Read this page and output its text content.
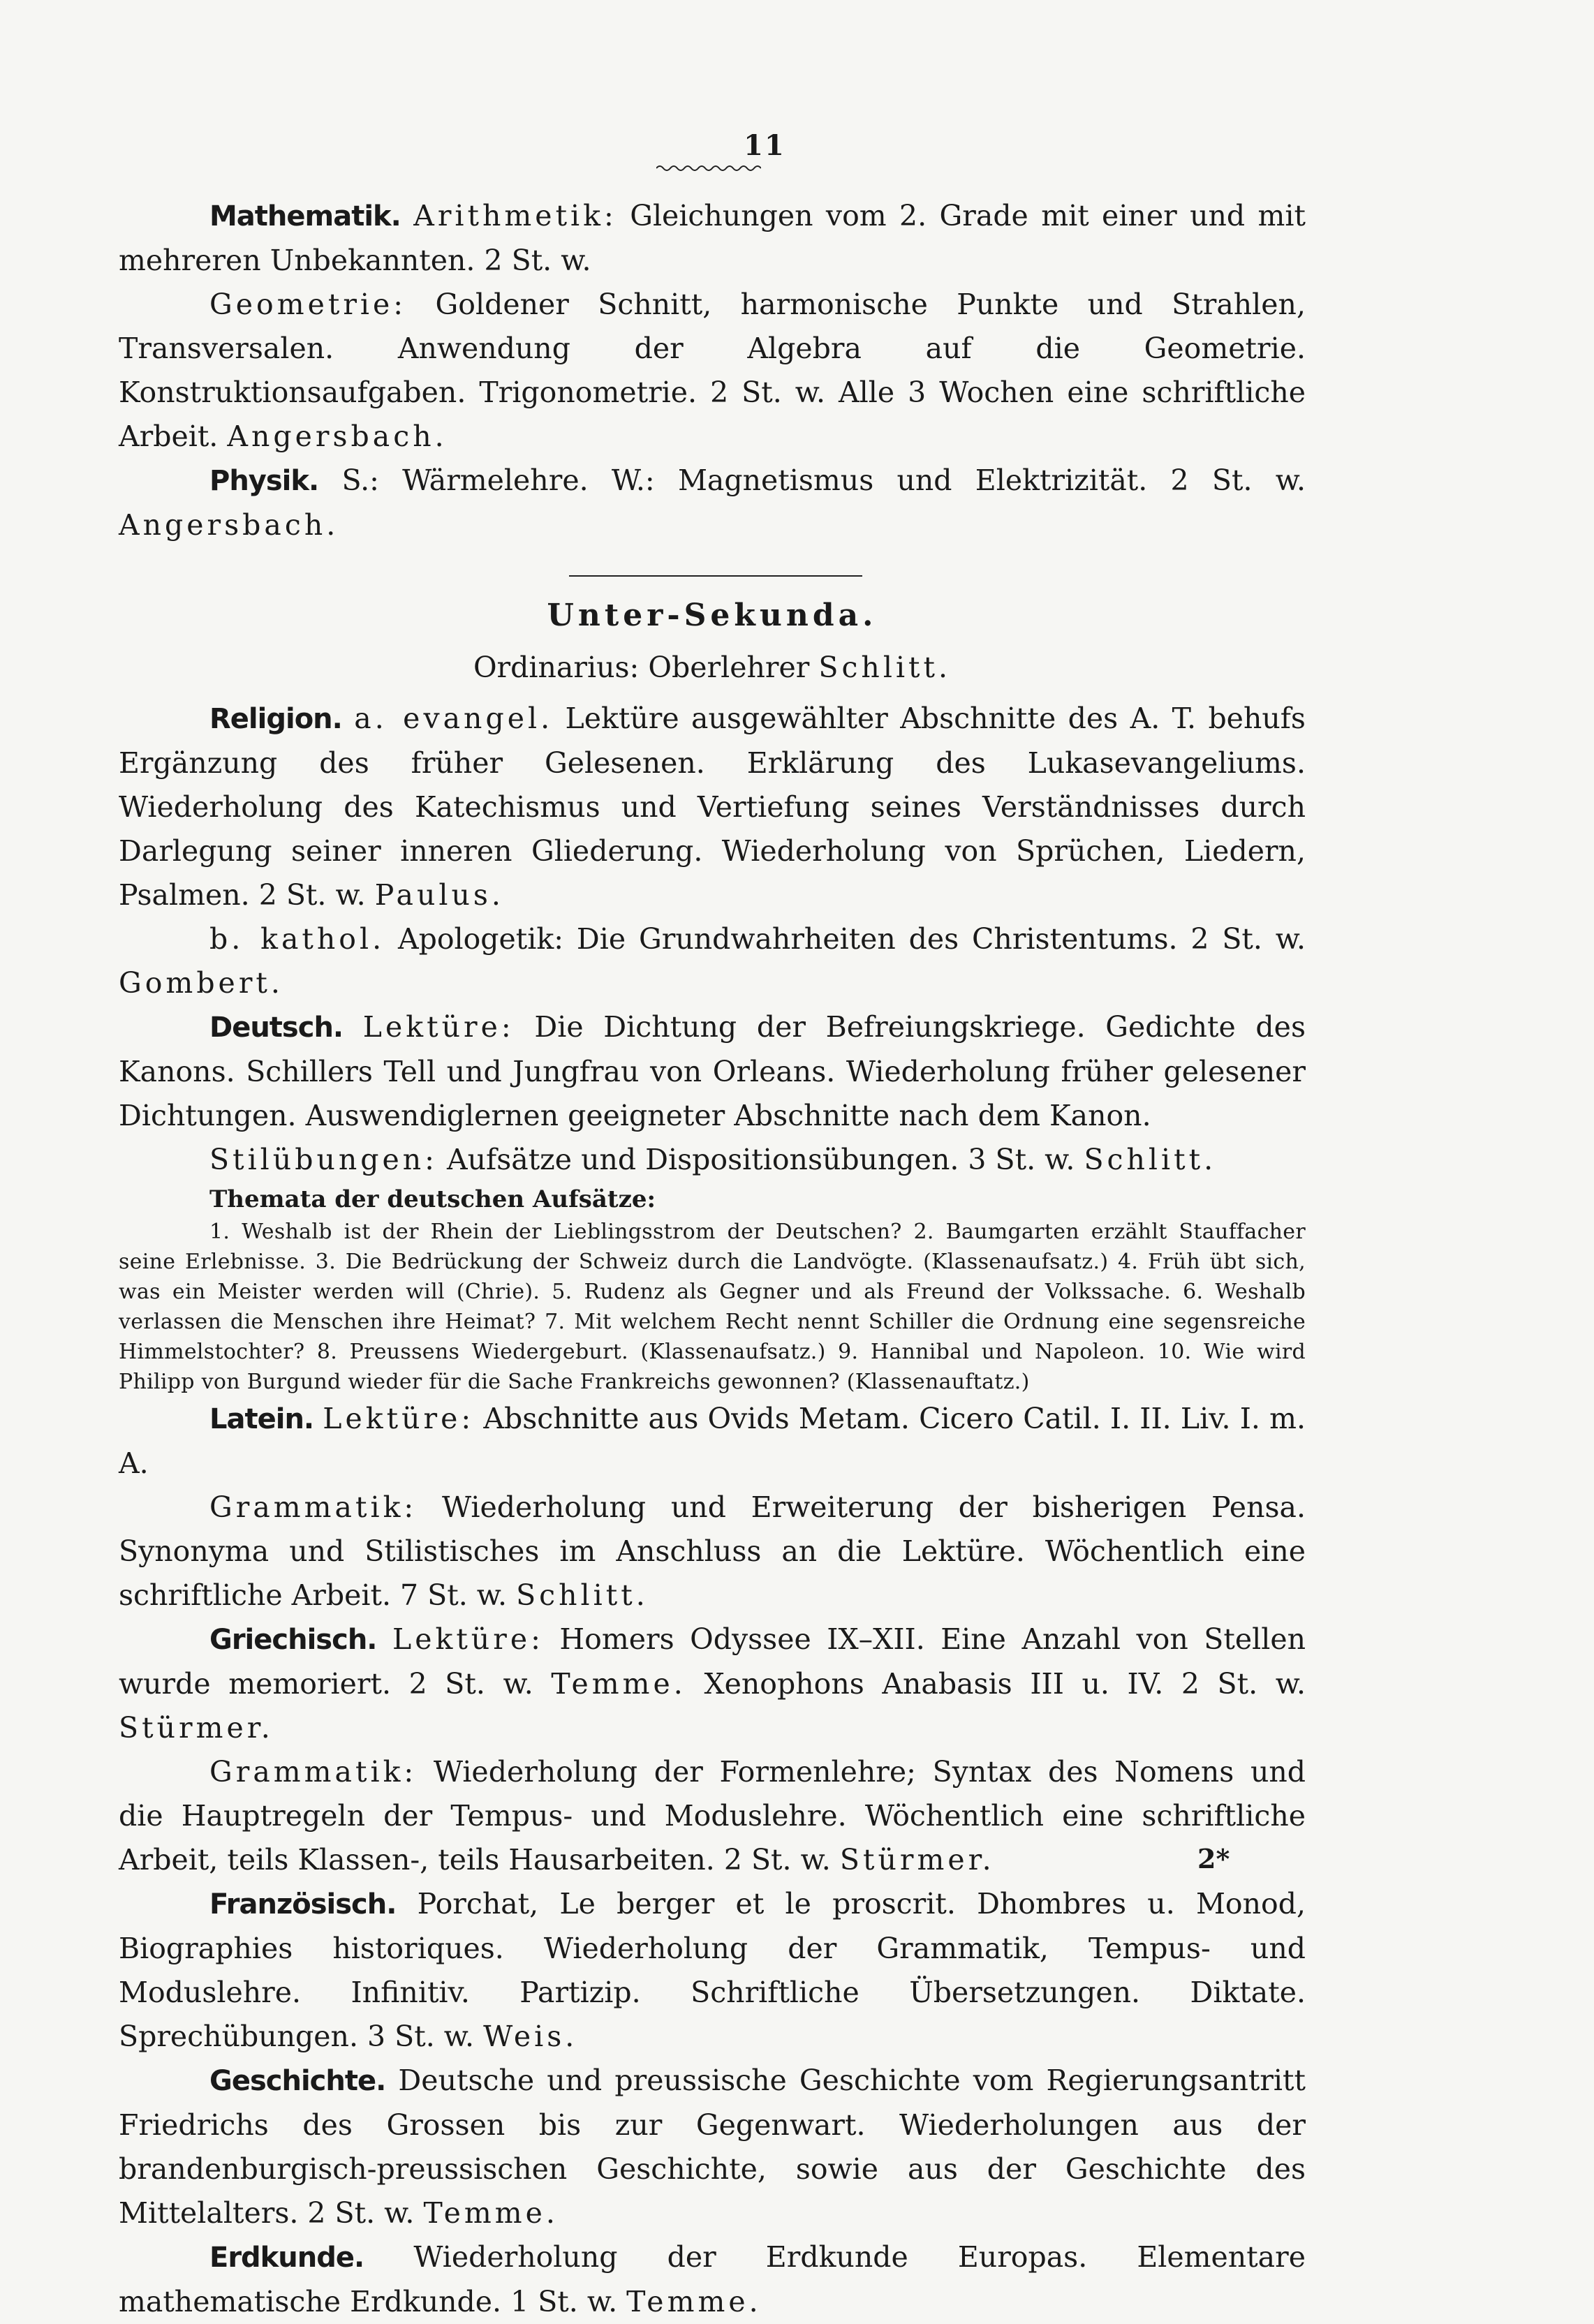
11

Mathematik. Arithmetik: Gleichungen vom 2. Grade mit einer und mit mehreren Unbekannten. 2 St. w.

Geometrie: Goldener Schnitt, harmonische Punkte und Strahlen, Transversalen. Anwendung der Algebra auf die Geometrie. Konstruktionsaufgaben. Trigonometrie. 2 St. w. Alle 3 Wochen eine schriftliche Arbeit. Angersbach.

Physik. S.: Wärmelehre. W.: Magnetismus und Elektrizität. 2 St. w. Angersbach.

Unter-Sekunda.
Ordinarius: Oberlehrer Schlitt.

Religion. a. evangel. Lektüre ausgewählter Abschnitte des A. T. behufs Ergänzung des früher Gelesenen. Erklärung des Lukasevangeliums. Wiederholung des Katechismus und Vertiefung seines Verständnisses durch Darlegung seiner inneren Gliederung. Wiederholung von Sprüchen, Liedern, Psalmen. 2 St. w. Paulus.

b. kathol. Apologetik: Die Grundwahrheiten des Christentums. 2 St. w. Gombert.

Deutsch. Lektüre: Die Dichtung der Befreiungskriege. Gedichte des Kanons. Schillers Tell und Jungfrau von Orleans. Wiederholung früher gelesener Dichtungen. Auswendiglernen geeigneter Abschnitte nach dem Kanon.

Stilübungen: Aufsätze und Dispositionsübungen. 3 St. w. Schlitt.

Themata der deutschen Aufsätze:

1. Weshalb ist der Rhein der Lieblingsstrom der Deutschen? 2. Baumgarten erzählt Stauffacher seine Erlebnisse. 3. Die Bedrückung der Schweiz durch die Landvögte. (Klassenaufsatz.) 4. Früh übt sich, was ein Meister werden will (Chrie). 5. Rudenz als Gegner und als Freund der Volkssache. 6. Weshalb verlassen die Menschen ihre Heimat? 7. Mit welchem Recht nennt Schiller die Ordnung eine segensreiche Himmelstochter? 8. Preussens Wiedergeburt. (Klassenaufsatz.) 9. Hannibal und Napoleon. 10. Wie wird Philipp von Burgund wieder für die Sache Frankreichs gewonnen? (Klassenauftatz.)

Latein. Lektüre: Abschnitte aus Ovids Metam. Cicero Catil. I. II. Liv. I. m. A.

Grammatik: Wiederholung und Erweiterung der bisherigen Pensa. Synonyma und Stilistisches im Anschluss an die Lektüre. Wöchentlich eine schriftliche Arbeit. 7 St. w. Schlitt.

Griechisch. Lektüre: Homers Odyssee IX–XII. Eine Anzahl von Stellen wurde memoriert. 2 St. w. Temme. Xenophons Anabasis III u. IV. 2 St. w. Stürmer.

Grammatik: Wiederholung der Formenlehre; Syntax des Nomens und die Hauptregeln der Tempus- und Moduslehre. Wöchentlich eine schriftliche Arbeit, teils Klassen-, teils Hausarbeiten. 2 St. w. Stürmer.

Französisch. Porchat, Le berger et le proscrit. Dhombres u. Monod, Biographies historiques. Wiederholung der Grammatik, Tempus- und Moduslehre. Infinitiv. Partizip. Schriftliche Übersetzungen. Diktate. Sprechübungen. 3 St. w. Weis.

Geschichte. Deutsche und preussische Geschichte vom Regierungsantritt Friedrichs des Grossen bis zur Gegenwart. Wiederholungen aus der brandenburgisch-preussischen Geschichte, sowie aus der Geschichte des Mittelalters. 2 St. w. Temme.

Erdkunde. Wiederholung der Erdkunde Europas. Elementare mathematische Erdkunde. 1 St. w. Temme.

2*
